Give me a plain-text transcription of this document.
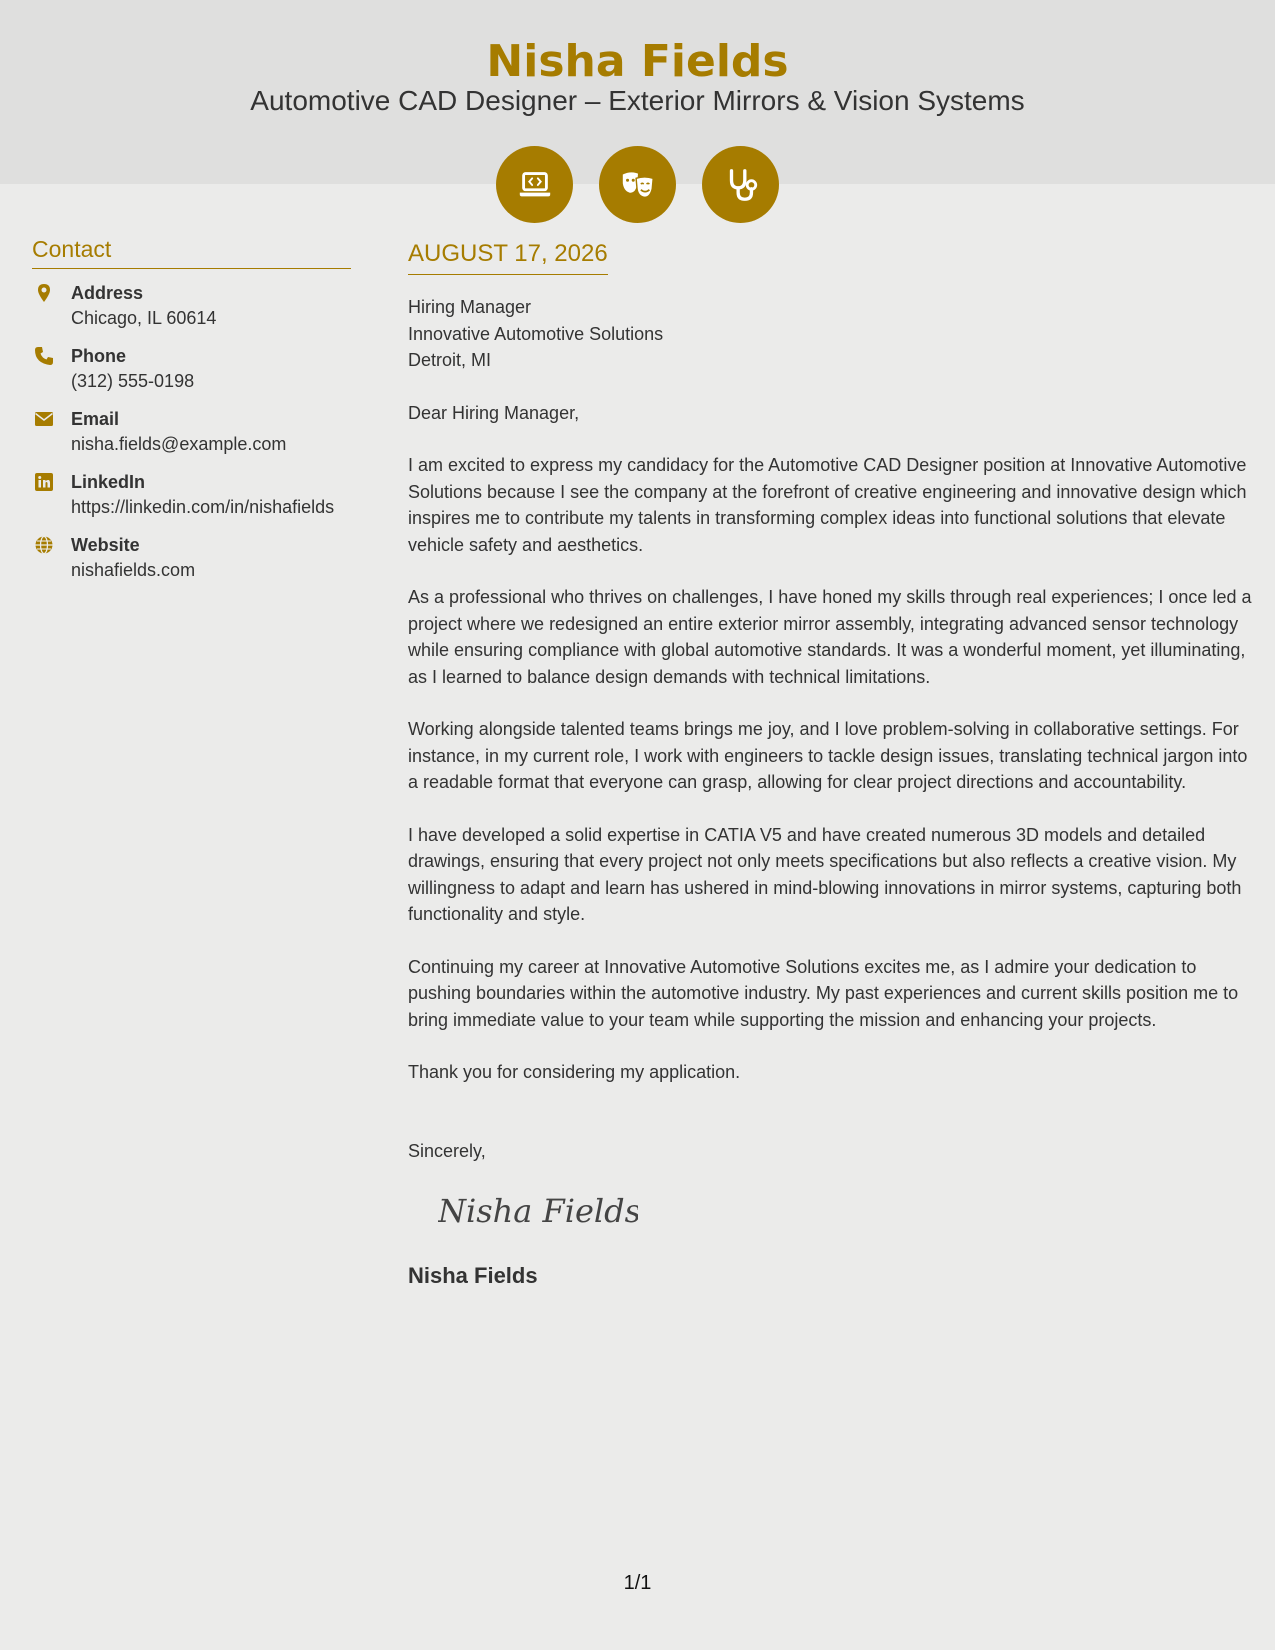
Nisha Fields
Automotive CAD Designer – Exterior Mirrors & Vision Systems
Contact
Address
Chicago, IL 60614
Phone
(312) 555-0198
Email
nisha.fields@example.com
LinkedIn
https://linkedin.com/in/nishafields
Website
nishafields.com
AUGUST 17, 2026
Hiring Manager
Innovative Automotive Solutions
Detroit, MI
Dear Hiring Manager,
I am excited to express my candidacy for the Automotive CAD Designer position at Innovative Automotive Solutions because I see the company at the forefront of creative engineering and innovative design which inspires me to contribute my talents in transforming complex ideas into functional solutions that elevate vehicle safety and aesthetics.
As a professional who thrives on challenges, I have honed my skills through real experiences; I once led a project where we redesigned an entire exterior mirror assembly, integrating advanced sensor technology while ensuring compliance with global automotive standards. It was a wonderful moment, yet illuminating, as I learned to balance design demands with technical limitations.
Working alongside talented teams brings me joy, and I love problem-solving in collaborative settings. For instance, in my current role, I work with engineers to tackle design issues, translating technical jargon into a readable format that everyone can grasp, allowing for clear project directions and accountability.
I have developed a solid expertise in CATIA V5 and have created numerous 3D models and detailed drawings, ensuring that every project not only meets specifications but also reflects a creative vision. My willingness to adapt and learn has ushered in mind-blowing innovations in mirror systems, capturing both functionality and style.
Continuing my career at Innovative Automotive Solutions excites me, as I admire your dedication to pushing boundaries within the automotive industry. My past experiences and current skills position me to bring immediate value to your team while supporting the mission and enhancing your projects.
Thank you for considering my application.
Sincerely,
Nisha Fields
Nisha Fields
1/1
